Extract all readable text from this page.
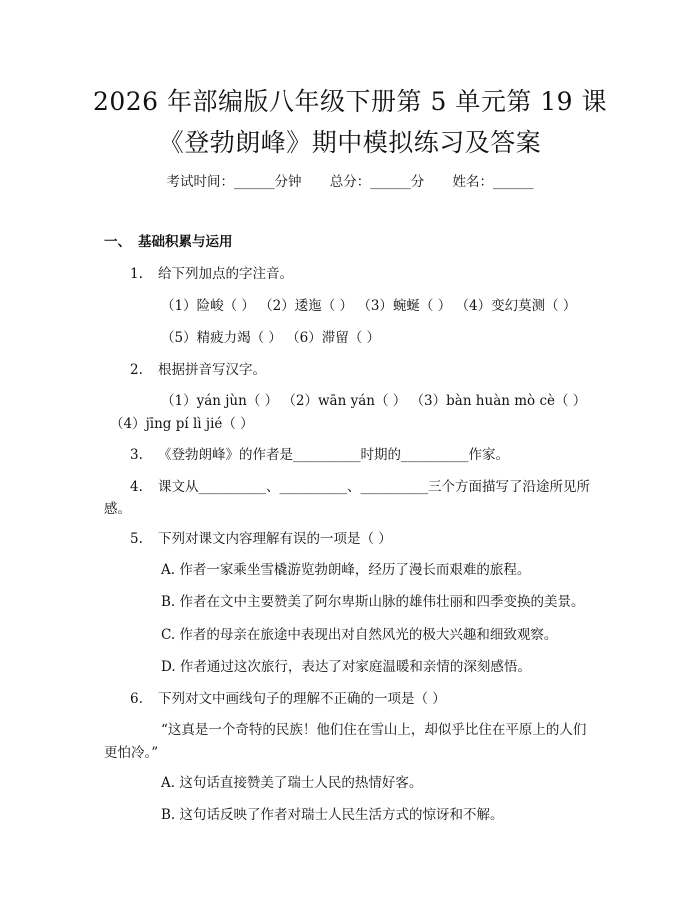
2026 年部编版八年级下册第 5 单元第 19 课
《登勃朗峰》期中模拟练习及答案
考试时间：______分钟 总分：______分 姓名：______
一、 基础积累与运用
1. 给下列加点的字注音。
（1）险峻（ ） （2）逶迤（ ） （3）蜿蜒（ ） （4）变幻莫测（ ）
（5）精疲力竭（ ） （6）滞留（ ）
2. 根据拼音写汉字。
（1）yán jùn（ ） （2）wān yán（ ） （3）bàn huàn mò cè（ ）
（4）jīng pí lì jié（ ）
3. 《登勃朗峰》的作者是__________时期的__________作家。
4. 课文从__________、__________、__________三个方面描写了沿途所见所
感。
5. 下列对课文内容理解有误的一项是（ ）
A. 作者一家乘坐雪橇游览勃朗峰，经历了漫长而艰难的旅程。
B. 作者在文中主要赞美了阿尔卑斯山脉的雄伟壮丽和四季变换的美景。
C. 作者的母亲在旅途中表现出对自然风光的极大兴趣和细致观察。
D. 作者通过这次旅行，表达了对家庭温暖和亲情的深刻感悟。
6. 下列对文中画线句子的理解不正确的一项是（ ）
“这真是一个奇特的民族！他们住在雪山上，却似乎比住在平原上的人们
更怕冷。”
A. 这句话直接赞美了瑞士人民的热情好客。
B. 这句话反映了作者对瑞士人民生活方式的惊讶和不解。
